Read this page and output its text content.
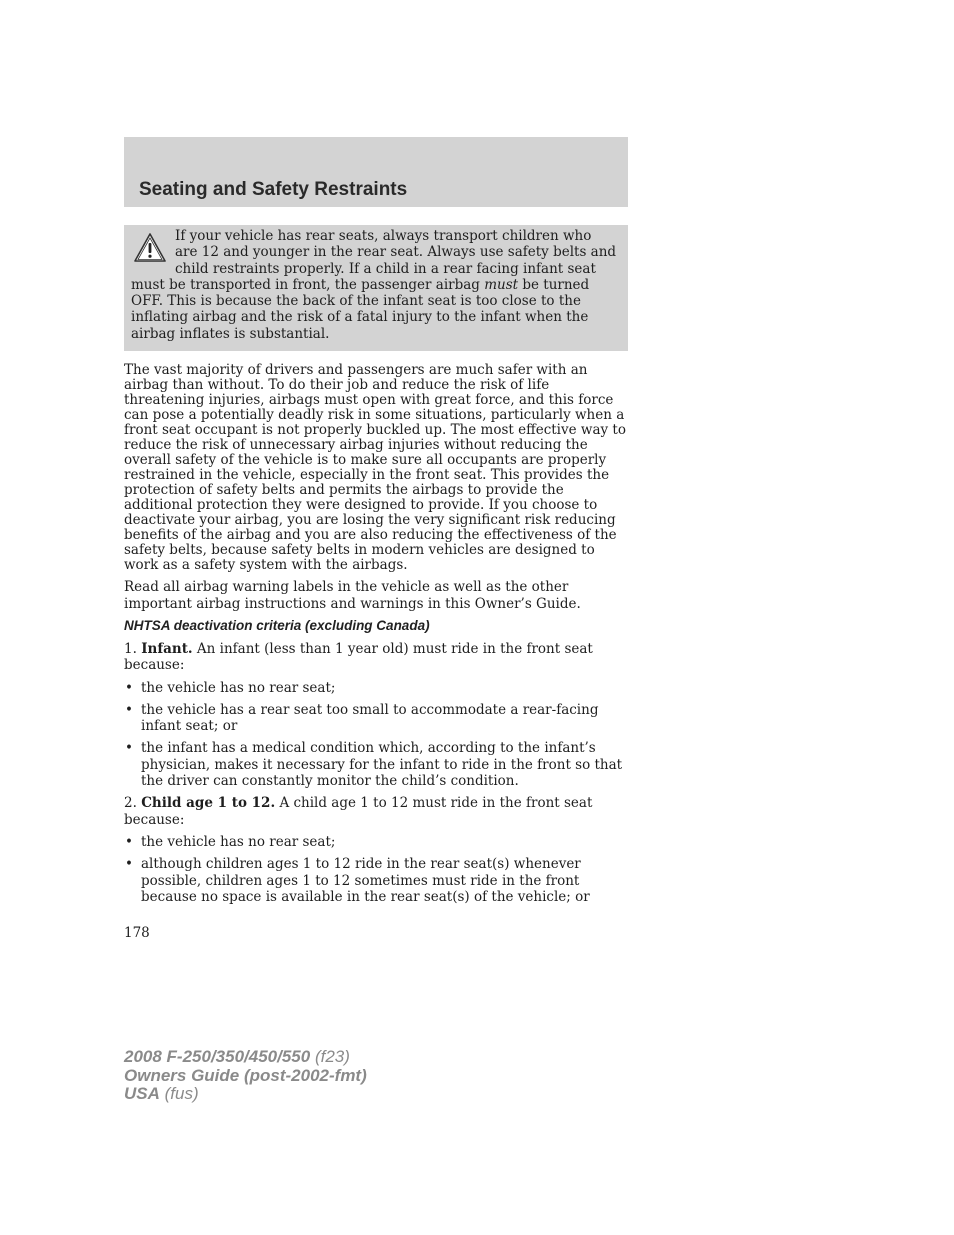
Seating and Safety Restraints

If your vehicle has rear seats, always transport children who are 12 and younger in the rear seat. Always use safety belts and child restraints properly. If a child in a rear facing infant seat must be transported in front, the passenger airbag must be turned OFF. This is because the back of the infant seat is too close to the inflating airbag and the risk of a fatal injury to the infant when the airbag inflates is substantial.

The vast majority of drivers and passengers are much safer with an airbag than without. To do their job and reduce the risk of life threatening injuries, airbags must open with great force, and this force can pose a potentially deadly risk in some situations, particularly when a front seat occupant is not properly buckled up. The most effective way to reduce the risk of unnecessary airbag injuries without reducing the overall safety of the vehicle is to make sure all occupants are properly restrained in the vehicle, especially in the front seat. This provides the protection of safety belts and permits the airbags to provide the additional protection they were designed to provide. If you choose to deactivate your airbag, you are losing the very significant risk reducing benefits of the airbag and you are also reducing the effectiveness of the safety belts, because safety belts in modern vehicles are designed to work as a safety system with the airbags.

Read all airbag warning labels in the vehicle as well as the other important airbag instructions and warnings in this Owner’s Guide.

NHTSA deactivation criteria (excluding Canada)
1. Infant. An infant (less than 1 year old) must ride in the front seat because:
• the vehicle has no rear seat;
• the vehicle has a rear seat too small to accommodate a rear-facing infant seat; or
• the infant has a medical condition which, according to the infant’s physician, makes it necessary for the infant to ride in the front so that the driver can constantly monitor the child’s condition.
2. Child age 1 to 12. A child age 1 to 12 must ride in the front seat because:
• the vehicle has no rear seat;
• although children ages 1 to 12 ride in the rear seat(s) whenever possible, children ages 1 to 12 sometimes must ride in the front because no space is available in the rear seat(s) of the vehicle; or
178
2008 F-250/350/450/550 (f23)
Owners Guide (post-2002-fmt)
USA (fus)
